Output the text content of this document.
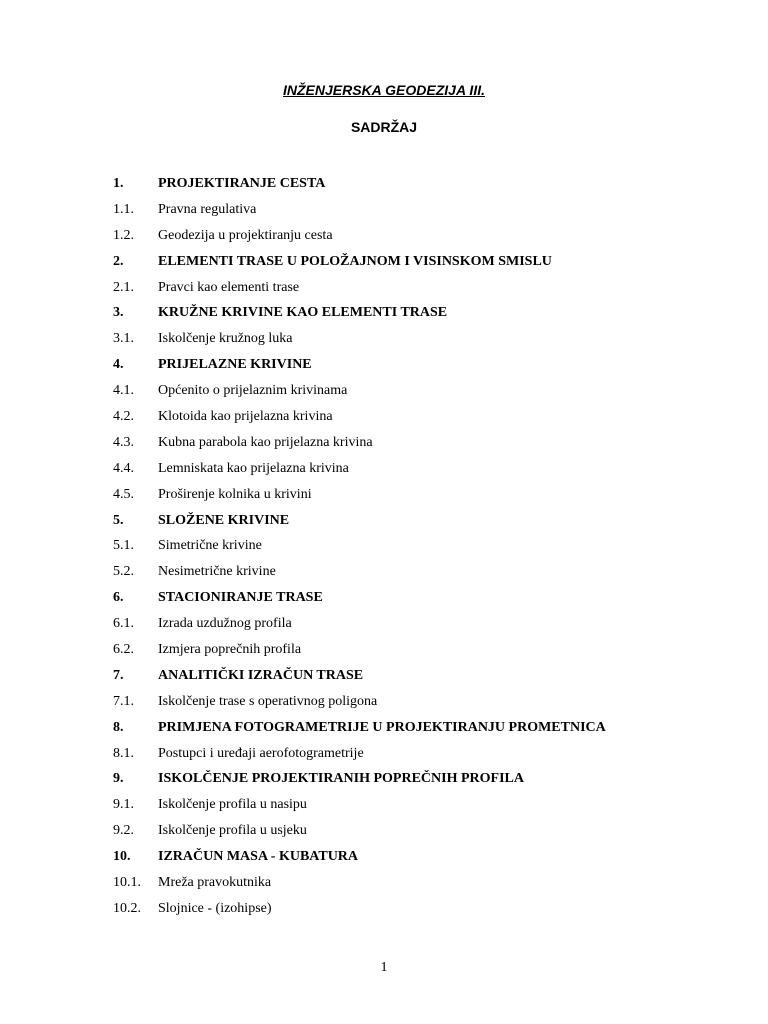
INŽENJERSKA GEODEZIJA III.
SADRŽAJ
1.	PROJEKTIRANJE CESTA
1.1.	Pravna regulativa
1.2.	Geodezija u projektiranju cesta
2.	ELEMENTI TRASE U POLOŽAJNOM I VISINSKOM SMISLU
2.1.	Pravci kao elementi trase
3.	KRUŽNE KRIVINE KAO ELEMENTI TRASE
3.1.	Iskolčenje kružnog luka
4.	PRIJELAZNE KRIVINE
4.1.	Općenito o prijelaznim krivinama
4.2.	Klotoida kao prijelazna krivina
4.3.	Kubna parabola kao prijelazna krivina
4.4.	Lemniskata kao prijelazna krivina
4.5.	Proširenje kolnika u krivini
5.	SLOŽENE KRIVINE
5.1.	Simetrične krivine
5.2.	Nesimetrične krivine
6.	STACIONIRANJE TRASE
6.1.	Izrada uzdužnog profila
6.2.	Izmjera poprečnih profila
7.	ANALITIČKI IZRAČUN TRASE
7.1.	Iskolčenje trase s operativnog poligona
8.	PRIMJENA FOTOGRAMETRIJE U PROJEKTIRANJU PROMETNICA
8.1.	Postupci i uređaji aerofotogrametrije
9.	ISKOLČENJE PROJEKTIRANIH POPREČNIH PROFILA
9.1.	Iskolčenje profila u nasipu
9.2.	Iskolčenje profila u usjeku
10.	IZRAČUN MASA - KUBATURA
10.1.	Mreža pravokutnika
10.2.	Slojnice - (izohipse)
1
